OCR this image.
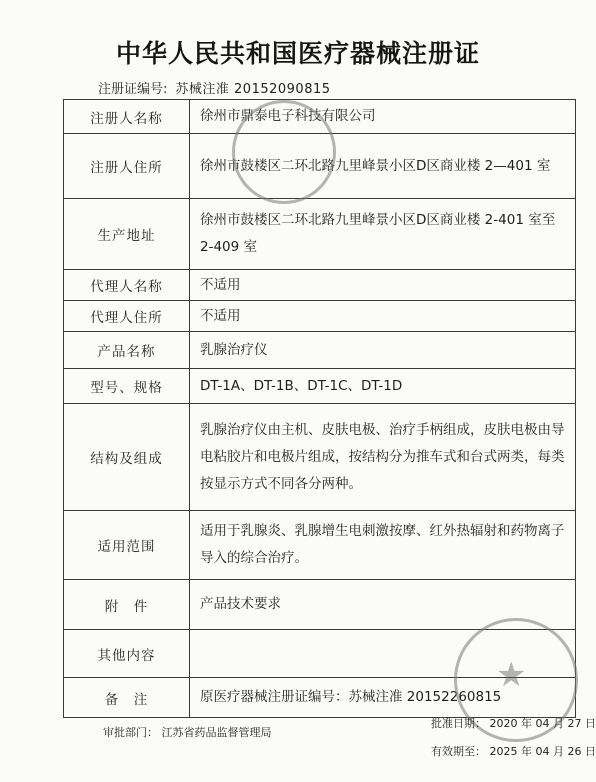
中华人民共和国医疗器械注册证
注册证编号: 苏械注准 20152090815
注册人名称	徐州市鼎泰电子科技有限公司
注册人住所	徐州市鼓楼区二环北路九里峰景小区D区商业楼 2—401 室
生产地址	徐州市鼓楼区二环北路九里峰景小区D区商业楼 2-401 室至 2-409 室
代理人名称	不适用
代理人住所	不适用
产品名称	乳腺治疗仪
型号、规格	DT-1A、DT-1B、DT-1C、DT-1D
结构及组成	乳腺治疗仪由主机、皮肤电极、治疗手柄组成，皮肤电极由导电粘胶片和电极片组成，按结构分为推车式和台式两类，每类按显示方式不同各分两种。
适用范围	适用于乳腺炎、乳腺增生电刺激按摩、红外热辐射和药物离子导入的综合治疗。
附　件	产品技术要求
其他内容	
备　注	原医疗器械注册证编号：苏械注准 20152260815
★
审批部门： 江苏省药品监督管理局
批准日期： 2020 年 04 月 27 日
有效期至： 2025 年 04 月 26 日
